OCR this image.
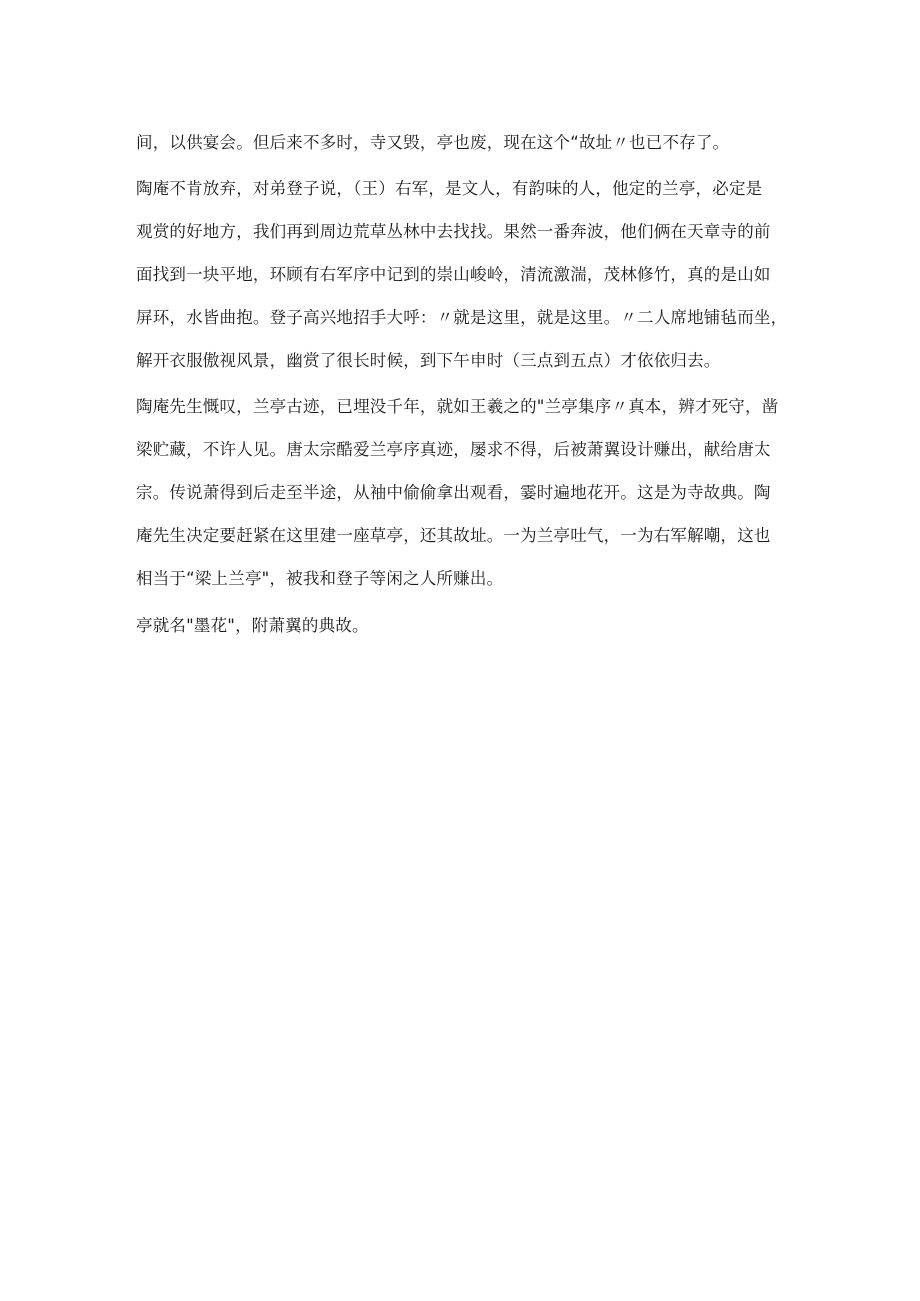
间，以供宴会。但后来不多时，寺又毁，亭也废，现在这个“故址〃也已不存了。
陶庵不肯放弃，对弟登子说，（王）右军，是文人，有韵味的人，他定的兰亭，必定是
观赏的好地方，我们再到周边荒草丛林中去找找。果然一番奔波，他们俩在天章寺的前
面找到一块平地，环顾有右军序中记到的崇山峻岭，清流激湍，茂林修竹，真的是山如
屏环，水皆曲抱。登子高兴地招手大呼：〃就是这里，就是这里。〃二人席地铺毡而坐，
解开衣服傲视风景，幽赏了很长时候，到下午申时（三点到五点）才依依归去。
陶庵先生慨叹，兰亭古迹，已埋没千年，就如王羲之的"兰亭集序〃真本，辨才死守，凿
梁贮藏，不许人见。唐太宗酷爱兰亭序真迹，屡求不得，后被萧翼设计赚出，献给唐太
宗。传说萧得到后走至半途，从袖中偷偷拿出观看，霎时遍地花开。这是为寺故典。陶
庵先生决定要赶紧在这里建一座草亭，还其故址。一为兰亭吐气，一为右军解嘲，这也
相当于“梁上兰亭"，被我和登子等闲之人所赚出。
亭就名"墨花"，附萧翼的典故。
